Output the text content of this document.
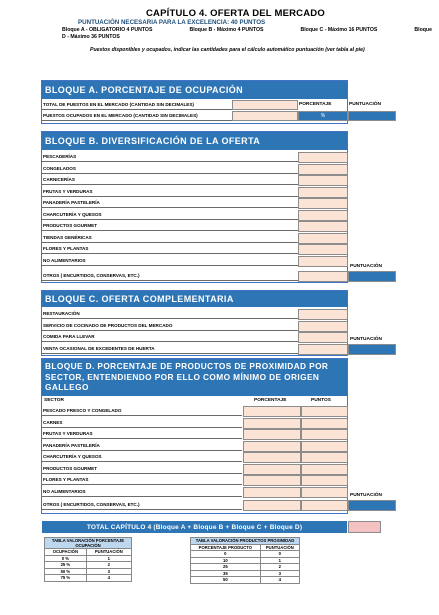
CAPÍTULO 4. OFERTA DEL MERCADO
PUNTUACIÓN NECESARIA PARA LA EXCELENCIA: 40 PUNTOS
Bloque A - OBLIGATORIO 4 PUNTOS	Bloque B - Máximo 4 PUNTOS	Bloque C - Máximo 16 PUNTOS	Bloque
D - Máximo 36 PUNTOS
Puestos disponibles y ocupados, indicar las cantidades para el cálculo automático puntuación (ver tabla al pie)
BLOQUE A. PORCENTAJE DE OCUPACIÓN
PORCENTAJE	PUNTUACIÓN
TOTAL DE PUESTOS EN EL MERCADO (CANTIDAD SIN DECIMALES)
PUESTOS OCUPADOS EN EL MERCADO (CANTIDAD SIN DECIMALES)	%
BLOQUE B. DIVERSIFICACIÓN DE LA OFERTA
PESCADERÍAS
CONGELADOS
CARNICERÍAS
FRUTAS Y VERDURAS
PANADERÍA PASTELERÍA
CHARCUTERÍA Y QUESOS
PRODUCTOS GOURMET
TIENDAS GENÉRICAS
FLORES Y PLANTAS
NO ALIMENTARIOS
OTROS ( ENCURTIDOS, CONSERVAS, ETC.)
PUNTUACIÓN
BLOQUE C. OFERTA COMPLEMENTARIA
RESTAURACIÓN
SERVICIO DE COCINADO DE PRODUCTOS DEL MERCADO
COMIDA PARA LLEVAR
VENTA OCASIONAL DE EXCEDENTES DE HUERTA
PUNTUACIÓN
BLOQUE D. PORCENTAJE DE PRODUCTOS DE PROXIMIDAD POR SECTOR, ENTENDIENDO POR ELLO COMO MÍNIMO DE ORIGEN GALLEGO
SECTOR	PORCENTAJE	PUNTOS
PESCADO FRESCO Y CONGELADO
CARNES
FRUTAS Y VERDURAS
PANADERÍA PASTELERÍA
CHARCUTERÍA Y QUESOS
PRODUCTOS GOURMET
FLORES Y PLANTAS
NO ALIMENTARIOS
OTROS ( ENCURTIDOS, CONSERVAS, ETC.)
PUNTUACIÓN
TOTAL CAPÍTULO 4 (Bloque A + Bloque B + Bloque C + Bloque D)
TABLA VALORACIÓN PORCENTAJE OCUPACIÓN	
OCUPACIÓN	PUNTUACIÓN
0 %	1
25 %	2
50 %	3
75 %	4
TABLA VALORACIÓN PRODUCTOS PROXIMIDAD	
PORCENTAJE PRODUCTO	PUNTUACIÓN
0	0
10	1
25	2
35	3
50	4
